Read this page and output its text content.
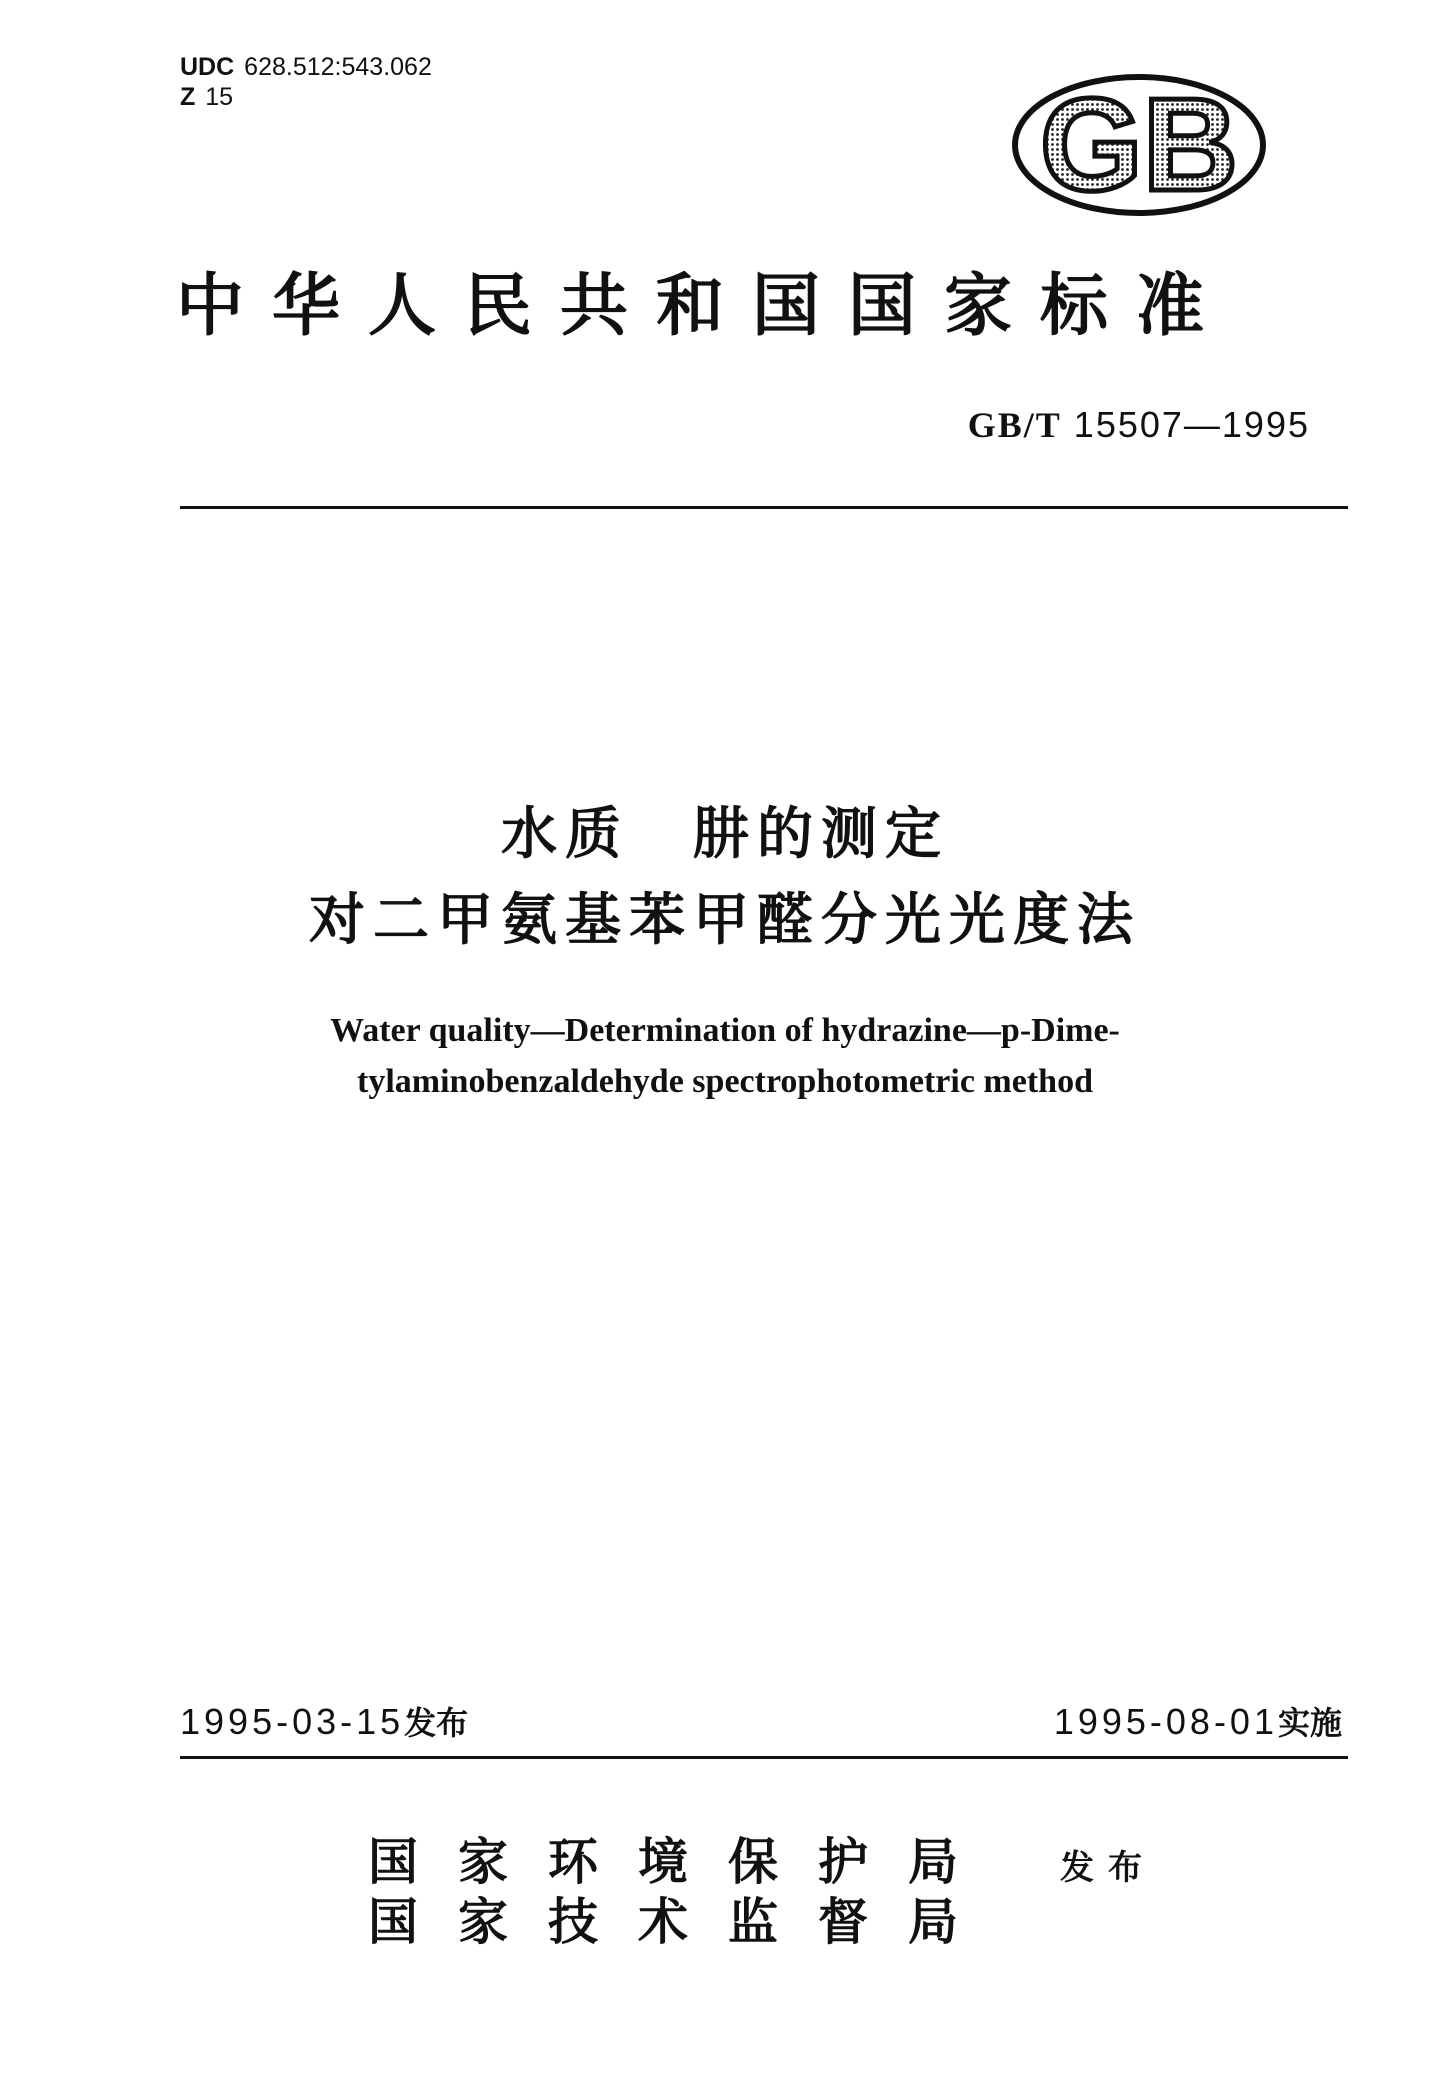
UDC 628.512:543.062
Z 15	GB
中华人民共和国国家标准
GB/T 15507—1995
水质　肼的测定
对二甲氨基苯甲醛分光光度法
Water quality—Determination of hydrazine—p-Dime-
tylaminobenzaldehyde spectrophotometric method
1995-03-15发布	1995-08-01实施
国家环境保护局
国家技术监督局
发布
